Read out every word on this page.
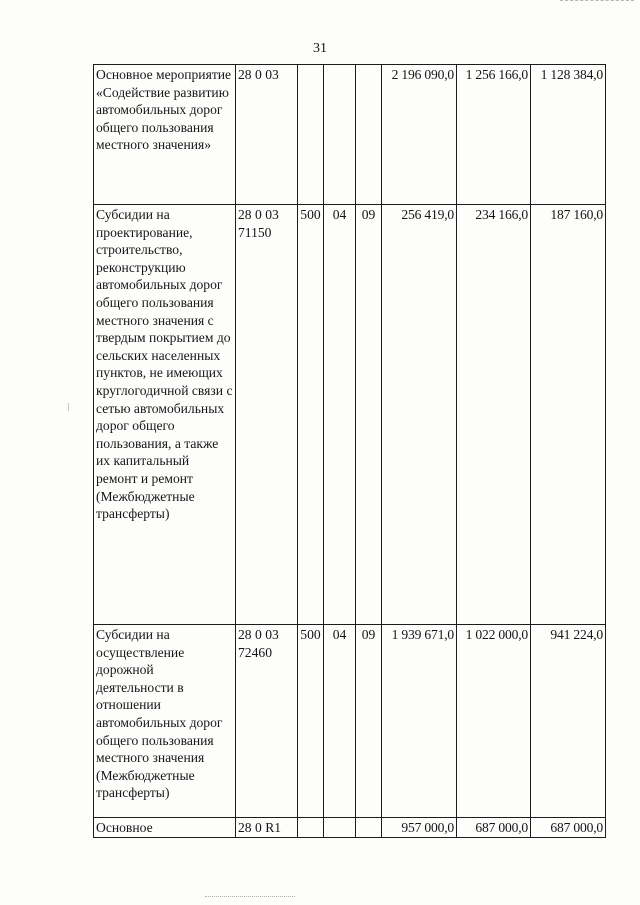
31
Основное мероприятие «Содействие развитию автомобильных дорог общего пользования местного значения»	28 0 03				2 196 090,0	1 256 166,0	1 128 384,0
Субсидии на проектирование, строительство, реконструкцию автомобильных дорог общего пользования местного значения с твердым покрытием до сельских населенных пунктов, не имеющих круглогодичной связи с сетью автомобильных дорог общего пользования, а также их капитальный ремонт и ремонт (Межбюджетные трансферты)	28 0 03 71150	500	04	09	256 419,0	234 166,0	187 160,0
Субсидии на осуществление дорожной деятельности в отношении автомобильных дорог общего пользования местного значения (Межбюджетные трансферты)	28 0 03 72460	500	04	09	1 939 671,0	1 022 000,0	941 224,0
Основное	28 0 R1				957 000,0	687 000,0	687 000,0
